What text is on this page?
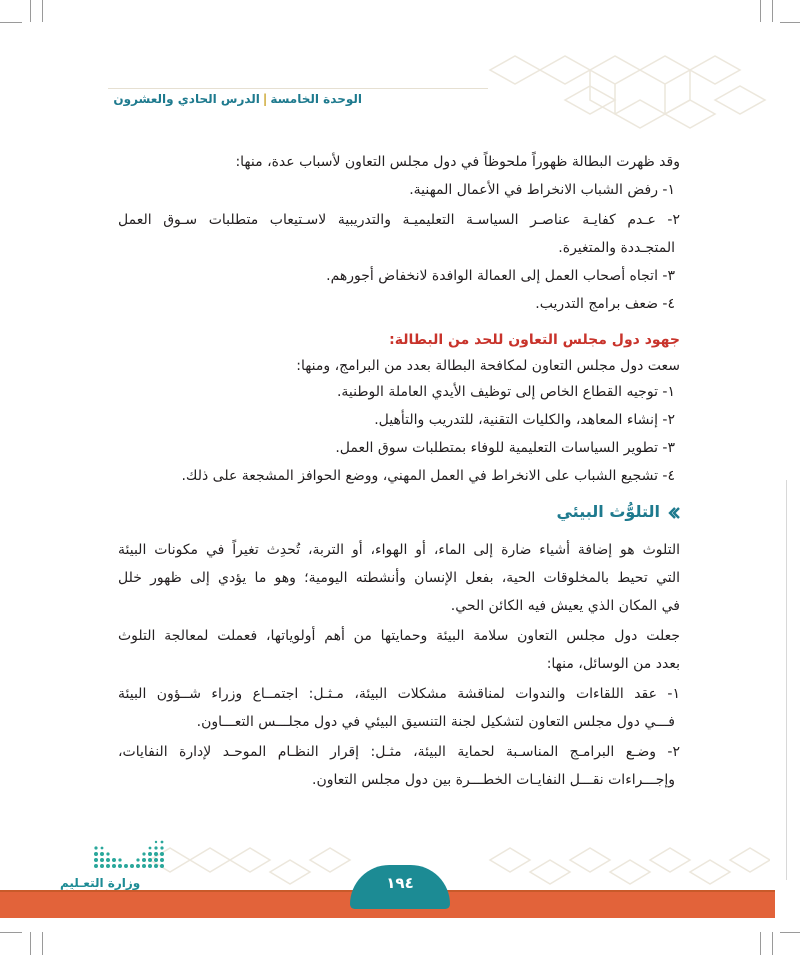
الوحدة الخامسة|الدرس الحادي والعشرون
وقد ظهرت البطالة ظهوراً ملحوظاً في دول مجلس التعاون لأسباب عدة، منها:
١- رفض الشباب الانخراط في الأعمال المهنية.
٢- عـدم كفايـة عناصـر السياسـة التعليميـة والتدريبية لاسـتيعاب متطلبات سـوق العمل
المتجـددة والمتغيرة.
٣- اتجاه أصحاب العمل إلى العمالة الوافدة لانخفاض أجورهم.
٤- ضعف برامج التدريب.
جهود دول مجلس التعاون للحد من البطالة:
سعت دول مجلس التعاون لمكافحة البطالة بعدد من البرامج، ومنها:
١- توجيه القطاع الخاص إلى توظيف الأيدي العاملة الوطنية.
٢- إنشاء المعاهد، والكليات التقنية، للتدريب والتأهيل.
٣- تطوير السياسات التعليمية للوفاء بمتطلبات سوق العمل.
٤- تشجيع الشباب على الانخراط في العمل المهني، ووضع الحوافز المشجعة على ذلك.
التلوُّث البيئي
التلوث هو إضافة أشياء ضارة إلى الماء، أو الهواء، أو التربة، تُحدِث تغيراً في مكونات البيئة
التي تحيط بالمخلوقات الحية، بفعل الإنسان وأنشطته اليومية؛ وهو ما يؤدي إلى ظهور خلل
في المكان الذي يعيش فيه الكائن الحي.
جعلت دول مجلس التعاون سلامة البيئة وحمايتها من أهم أولوياتها، فعملت لمعالجة التلوث
بعدد من الوسائل، منها:
١- عقد اللقاءات والندوات لمناقشة مشكلات البيئة، مـثـل: اجتمــاع وزراء شــؤون البيئة
فـــي دول مجلس التعاون لتشكيل لجنة التنسيق البيئي في دول مجلـــس التعـــاون.
٢- وضـع البرامـج المناسـبة لحماية البيئة، مثـل: إقرار النظـام الموحـد لإدارة النفايات،
وإجـــراءات نقـــل النفايـات الخطـــرة بين دول مجلس التعاون.
وزارة التعـليم	١٩٤
